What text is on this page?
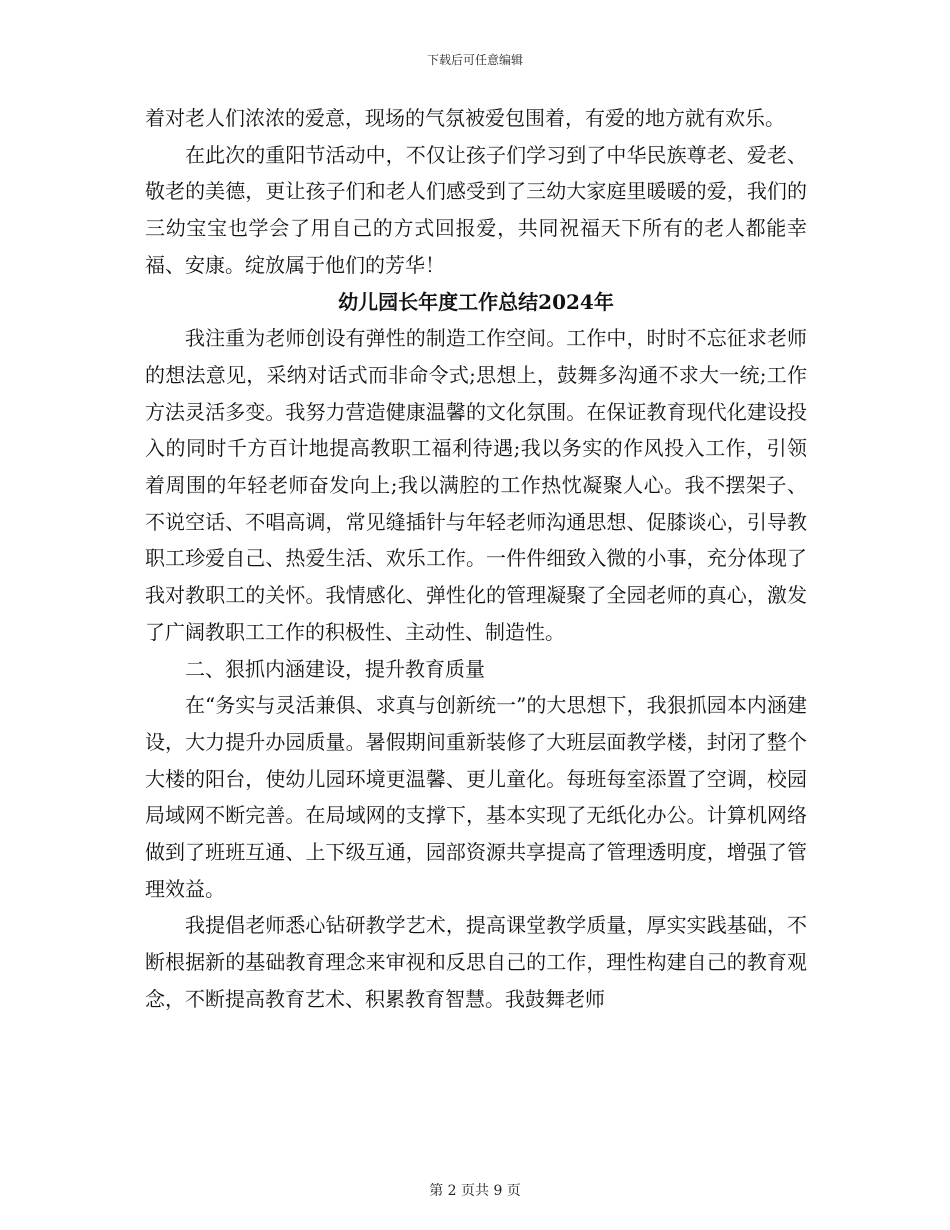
下载后可任意编辑

着对老人们浓浓的爱意，现场的气氛被爱包围着，有爱的地方就有欢乐。

在此次的重阳节活动中，不仅让孩子们学习到了中华民族尊老、爱老、敬老的美德，更让孩子们和老人们感受到了三幼大家庭里暖暖的爱，我们的三幼宝宝也学会了用自己的方式回报爱，共同祝福天下所有的老人都能幸福、安康。绽放属于他们的芳华！

幼儿园长年度工作总结2024年

我注重为老师创设有弹性的制造工作空间。工作中，时时不忘征求老师的想法意见，采纳对话式而非命令式;思想上，鼓舞多沟通不求大一统;工作方法灵活多变。我努力营造健康温馨的文化氛围。在保证教育现代化建设投入的同时千方百计地提高教职工福利待遇;我以务实的作风投入工作，引领着周围的年轻老师奋发向上;我以满腔的工作热忱凝聚人心。我不摆架子、不说空话、不唱高调，常见缝插针与年轻老师沟通思想、促膝谈心，引导教职工珍爱自己、热爱生活、欢乐工作。一件件细致入微的小事，充分体现了我对教职工的关怀。我情感化、弹性化的管理凝聚了全园老师的真心，激发了广阔教职工工作的积极性、主动性、制造性。

二、狠抓内涵建设，提升教育质量

在“务实与灵活兼俱、求真与创新统一”的大思想下，我狠抓园本内涵建设，大力提升办园质量。暑假期间重新装修了大班层面教学楼，封闭了整个大楼的阳台，使幼儿园环境更温馨、更儿童化。每班每室添置了空调，校园局域网不断完善。在局域网的支撑下，基本实现了无纸化办公。计算机网络做到了班班互通、上下级互通，园部资源共享提高了管理透明度，增强了管理效益。

我提倡老师悉心钻研教学艺术，提高课堂教学质量，厚实实践基础，不断根据新的基础教育理念来审视和反思自己的工作，理性构建自己的教育观念，不断提高教育艺术、积累教育智慧。我鼓舞老师

第 2 页共 9 页
